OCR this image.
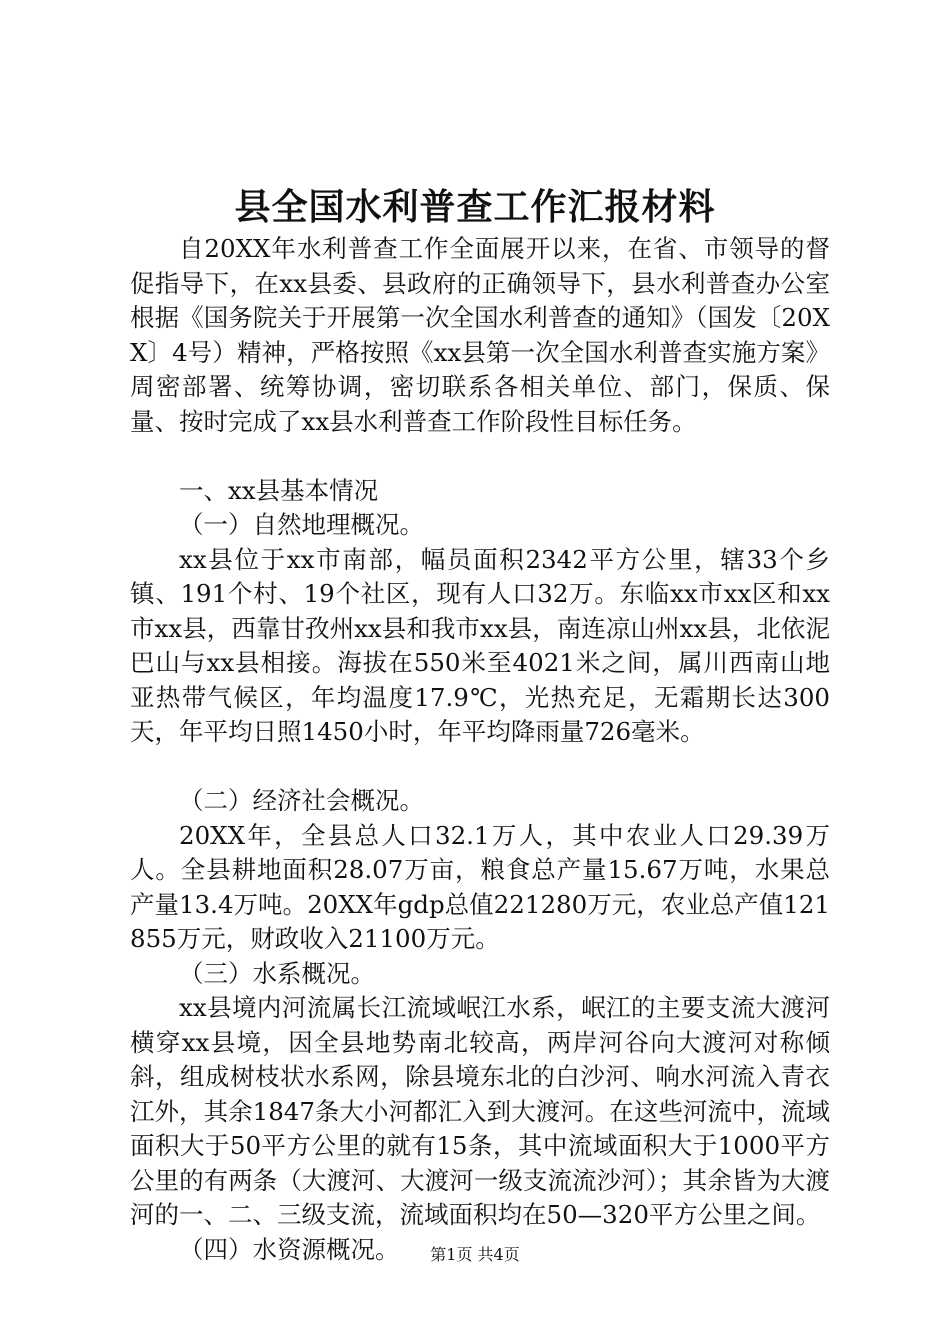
县全国水利普查工作汇报材料

自20XX年水利普查工作全面展开以来，在省、市领导的督促指导下，在xx县委、县政府的正确领导下，县水利普查办公室根据《国务院关于开展第一次全国水利普查的通知》（国发〔20XX〕4号）精神，严格按照《xx县第一次全国水利普查实施方案》周密部署、统筹协调，密切联系各相关单位、部门，保质、保量、按时完成了xx县水利普查工作阶段性目标任务。

一、xx县基本情况

（一）自然地理概况。

xx县位于xx市南部，幅员面积2342平方公里，辖33个乡镇、191个村、19个社区，现有人口32万。东临xx市xx区和xx市xx县，西靠甘孜州xx县和我市xx县，南连凉山州xx县，北依泥巴山与xx县相接。海拔在550米至4021米之间，属川西南山地亚热带气候区，年均温度17.9℃，光热充足，无霜期长达300天，年平均日照1450小时，年平均降雨量726毫米。

（二）经济社会概况。

20XX年，全县总人口32.1万人，其中农业人口29.39万人。全县耕地面积28.07万亩，粮食总产量15.67万吨，水果总产量13.4万吨。20XX年gdp总值221280万元，农业总产值121855万元，财政收入21100万元。

（三）水系概况。

xx县境内河流属长江流域岷江水系，岷江的主要支流大渡河横穿xx县境，因全县地势南北较高，两岸河谷向大渡河对称倾斜，组成树枝状水系网，除县境东北的白沙河、响水河流入青衣江外，其余1847条大小河都汇入到大渡河。在这些河流中，流域面积大于50平方公里的就有15条，其中流域面积大于1000平方公里的有两条（大渡河、大渡河一级支流流沙河）；其余皆为大渡河的一、二、三级支流，流域面积均在50—320平方公里之间。

（四）水资源概况。	第1页 共4页
